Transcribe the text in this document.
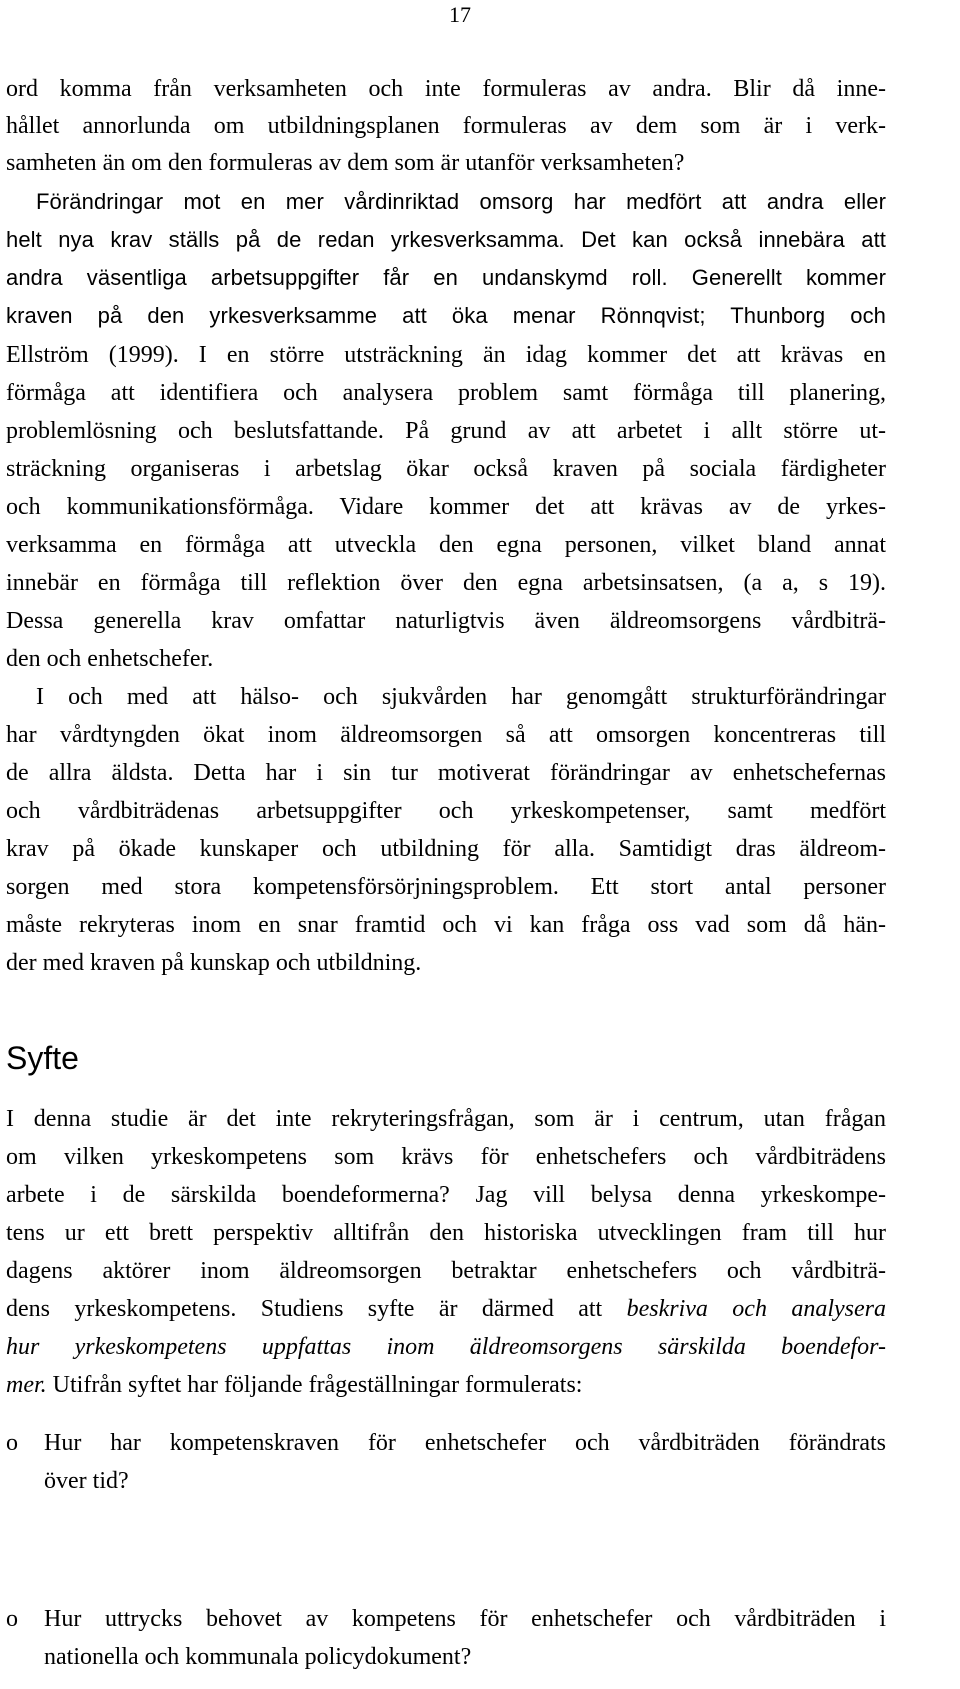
17
ord komma från verksamheten och inte formuleras av andra. Blir då inne-
hållet annorlunda om utbildningsplanen formuleras av dem som är i verk-
samheten än om den formuleras av dem som är utanför verksamheten?
Förändringar mot en mer vårdinriktad omsorg har medfört att andra eller
helt nya krav ställs på de redan yrkesverksamma. Det kan också innebära att
andra väsentliga arbetsuppgifter får en undanskymd roll. Generellt kommer
kraven på den yrkesverksamme att öka menar Rönnqvist; Thunborg och
Ellström (1999). I en större utsträckning än idag kommer det att krävas en
förmåga att identifiera och analysera problem samt förmåga till planering,
problemlösning och beslutsfattande. På grund av att arbetet i allt större ut-
sträckning organiseras i arbetslag ökar också kraven på sociala färdigheter
och kommunikationsförmåga. Vidare kommer det att krävas av de yrkes-
verksamma en förmåga att utveckla den egna personen, vilket bland annat
innebär en förmåga till reflektion över den egna arbetsinsatsen, (a a, s 19).
Dessa generella krav omfattar naturligtvis även äldreomsorgens vårdbiträ-
den och enhetschefer.
I och med att hälso- och sjukvården har genomgått strukturförändringar
har vårdtyngden ökat inom äldreomsorgen så att omsorgen koncentreras till
de allra äldsta. Detta har i sin tur motiverat förändringar av enhetschefernas
och vårdbiträdenas arbetsuppgifter och yrkeskompetenser, samt medfört
krav på ökade kunskaper och utbildning för alla. Samtidigt dras äldreom-
sorgen med stora kompetensförsörjningsproblem. Ett stort antal personer
måste rekryteras inom en snar framtid och vi kan fråga oss vad som då hän-
der med kraven på kunskap och utbildning.
Syfte
I denna studie är det inte rekryteringsfrågan, som är i centrum, utan frågan
om vilken yrkeskompetens som krävs för enhetschefers och vårdbiträdens
arbete i de särskilda boendeformerna? Jag vill belysa denna yrkeskompe-
tens ur ett brett perspektiv alltifrån den historiska utvecklingen fram till hur
dagens aktörer inom äldreomsorgen betraktar enhetschefers och vårdbiträ-
dens yrkeskompetens. Studiens syfte är därmed att beskriva och analysera
hur yrkeskompetens uppfattas inom äldreomsorgens särskilda boendefor-
mer. Utifrån syftet har följande frågeställningar formulerats:
o Hur har kompetenskraven för enhetschefer och vårdbiträden förändrats
över tid?
o Hur uttrycks behovet av kompetens för enhetschefer och vårdbiträden i
nationella och kommunala policydokument?
